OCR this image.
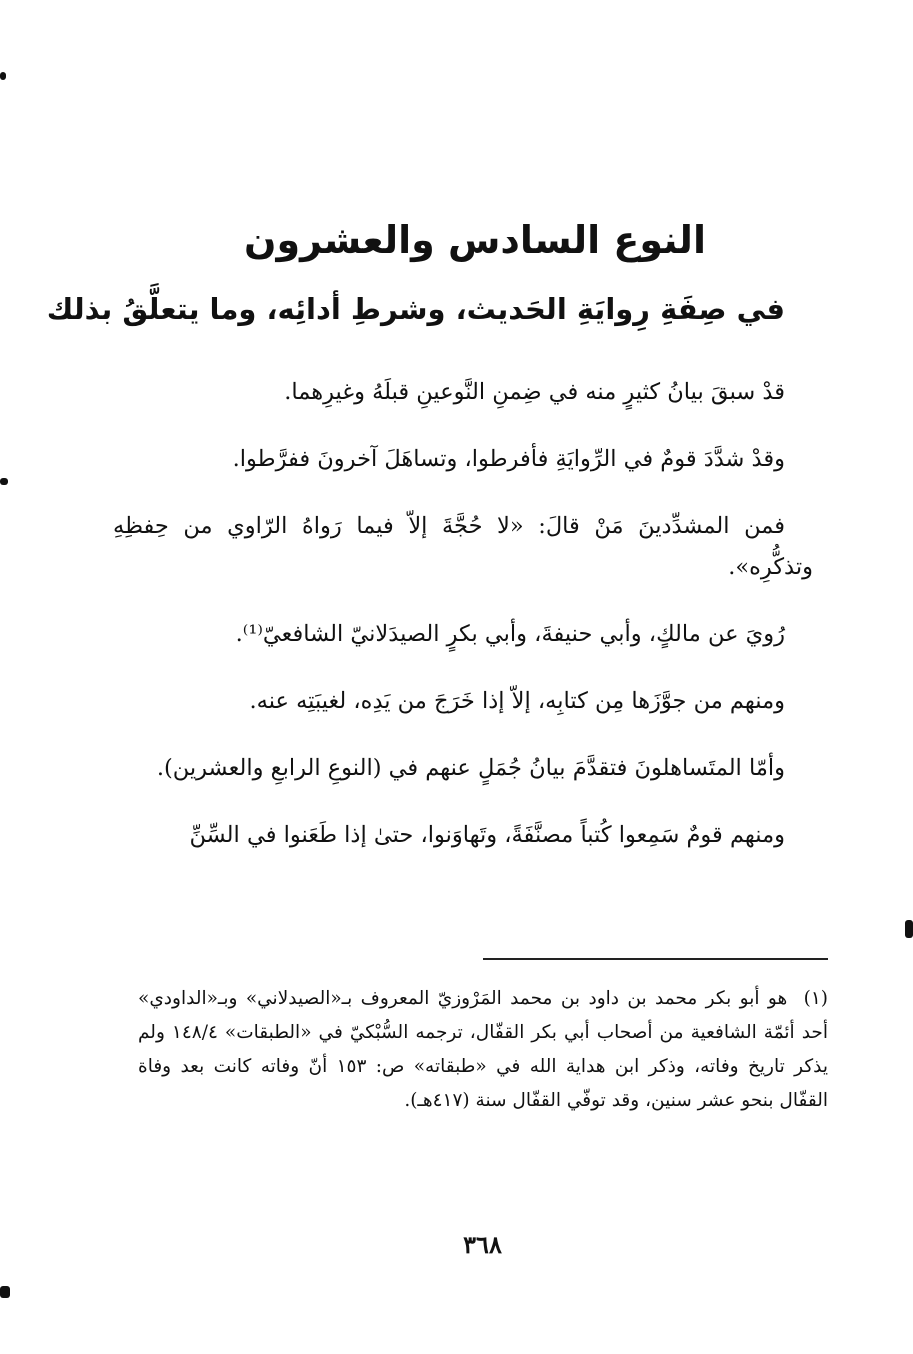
النوع السادس والعشرون
في صِفَةِ رِوايَةِ الحَديث، وشرطِ أدائِه، وما يتعلَّقُ بذلك

قدْ سبقَ بيانُ كثيرٍ منه في ضِمنِ النَّوعينِ قبلَهُ وغيرِهما.

وقدْ شدَّدَ قومٌ في الرِّوايَةِ فأفرطوا، وتساهَلَ آخرونَ ففرَّطوا.

فمن المشدِّدينَ مَنْ قالَ: «لا حُجَّةَ إلاّ فيما رَواهُ الرّاوي من حِفظِهِ وتذكُّرِه».

رُويَ عن مالكٍ، وأبي حنيفةَ، وأبي بكرٍ الصيدَلانيّ الشافعيّ⁽¹⁾.

ومنهم من جوَّزَها مِن كتابِه، إلاّ إذا خَرَجَ من يَدِه، لغيبَتِه عنه.

وأمّا المتَساهلونَ فتقدَّمَ بيانُ جُمَلٍ عنهم في (النوعِ الرابعِ والعشرين).

ومنهم قومٌ سَمِعوا كُتباً مصنَّفَةً، وتَهاوَنوا، حتىٰ إذا طَعَنوا في السِّنِّ

(١) هو أبو بكر محمد بن داود بن محمد المَرْوزيّ المعروف بـ«الصيدلاني» وبـ«الداودي» أحد أئمّة الشافعية من أصحاب أبي بكر القفّال، ترجمه السُّبْكيّ في «الطبقات» ١٤٨/٤ ولم يذكر تاريخ وفاته، وذكر ابن هداية الله في «طبقاته» ص: ١٥٣ أنّ وفاته كانت بعد وفاة القفّال بنحو عشر سنين، وقد توفّي القفّال سنة (٤١٧هـ).
٣٦٨
